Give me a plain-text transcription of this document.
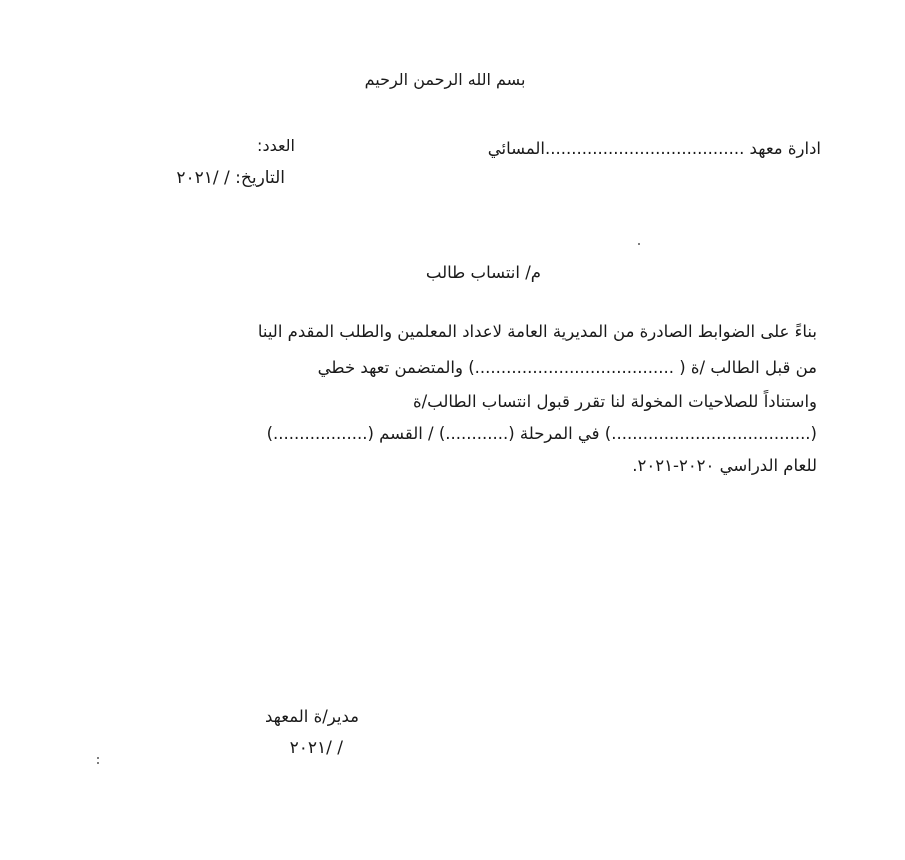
بسم الله الرحمن الرحيم
ادارة معهد ......................................المسائي
العدد:
التاريخ: / /٢٠٢١
م/ انتساب طالب
بناءً على الضوابط الصادرة من المديرية العامة لاعداد المعلمين والطلب المقدم الينا
من قبل الطالب /ة ( ......................................) والمتضمن تعهد خطي
واستناداً للصلاحيات المخولة لنا تقرر قبول انتساب الطالب/ة
(......................................) في المرحلة (............) / القسم (..................)
للعام الدراسي ٢٠٢٠-٢٠٢١.
مدير/ة المعهد
/ /٢٠٢١
